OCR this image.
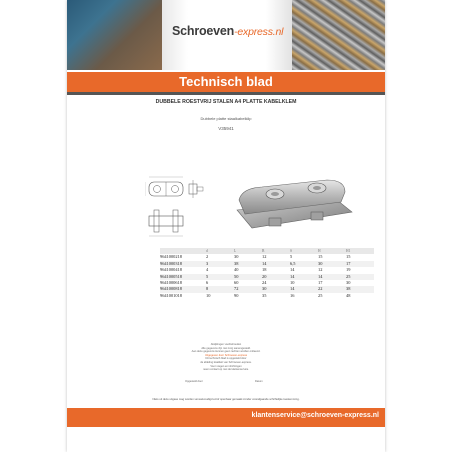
Schroeven-express.nl
Technisch blad
DUBBELE ROESTVRIJ STALEN A4 PLATTE KABELKLEM
Dubbele platte staalkabelklip
V35941
	d	L	B	S	H	H1
9641000218	2	30	12	5	15	15
9641000318	3	38	14	6,5	30	17
9641000418	4	40	18	14	12	19
9641000518	5	50	20	14	14	25
9641000618	6	60	24	10	17	30
9641000818	8	72	30	14	22	38
9641001018	10	90	35	16	25	48
Afwijkingen voorbehouden
Alle gegevens zijn met zorg samengesteld.
Aan deze gegevens kunnen geen rechten worden ontleend.
Uitgegeven door Schroeven-express
Dit technisch blad is opgesteld door
de afdeling kwaliteit van Schroeven-express.
Voor vragen en inlichtingen
neem contact op met de klantenservice.
Opgesteld door	Datum
Niets uit deze uitgave mag worden verveelvoudigd en/of openbaar gemaakt zonder voorafgaande schriftelijke toestemming.
klantenservice@schroeven-express.nl
